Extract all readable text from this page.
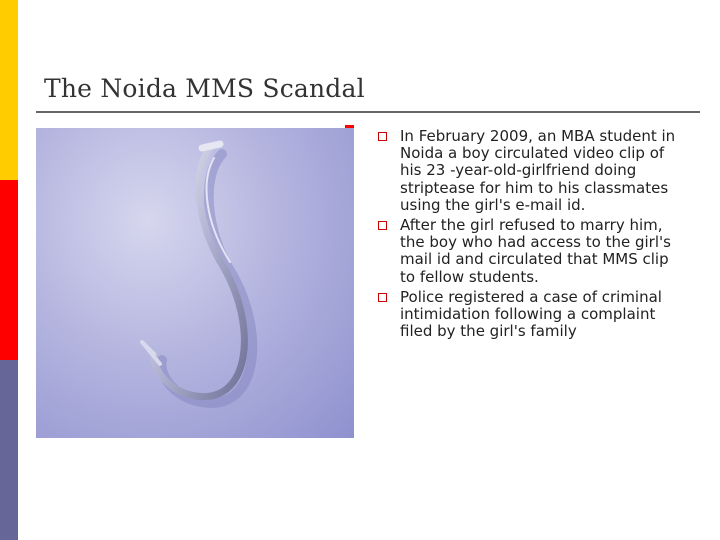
The Noida MMS Scandal
In February 2009, an MBA student in Noida a boy circulated video clip of his 23 -year-old-girlfriend doing striptease for him to his classmates using the girl's e-mail id.
After the girl refused to marry him, the boy who had access to the girl's mail id and circulated that MMS clip to fellow students.
Police registered a case of criminal intimidation following a complaint filed by the girl's family
